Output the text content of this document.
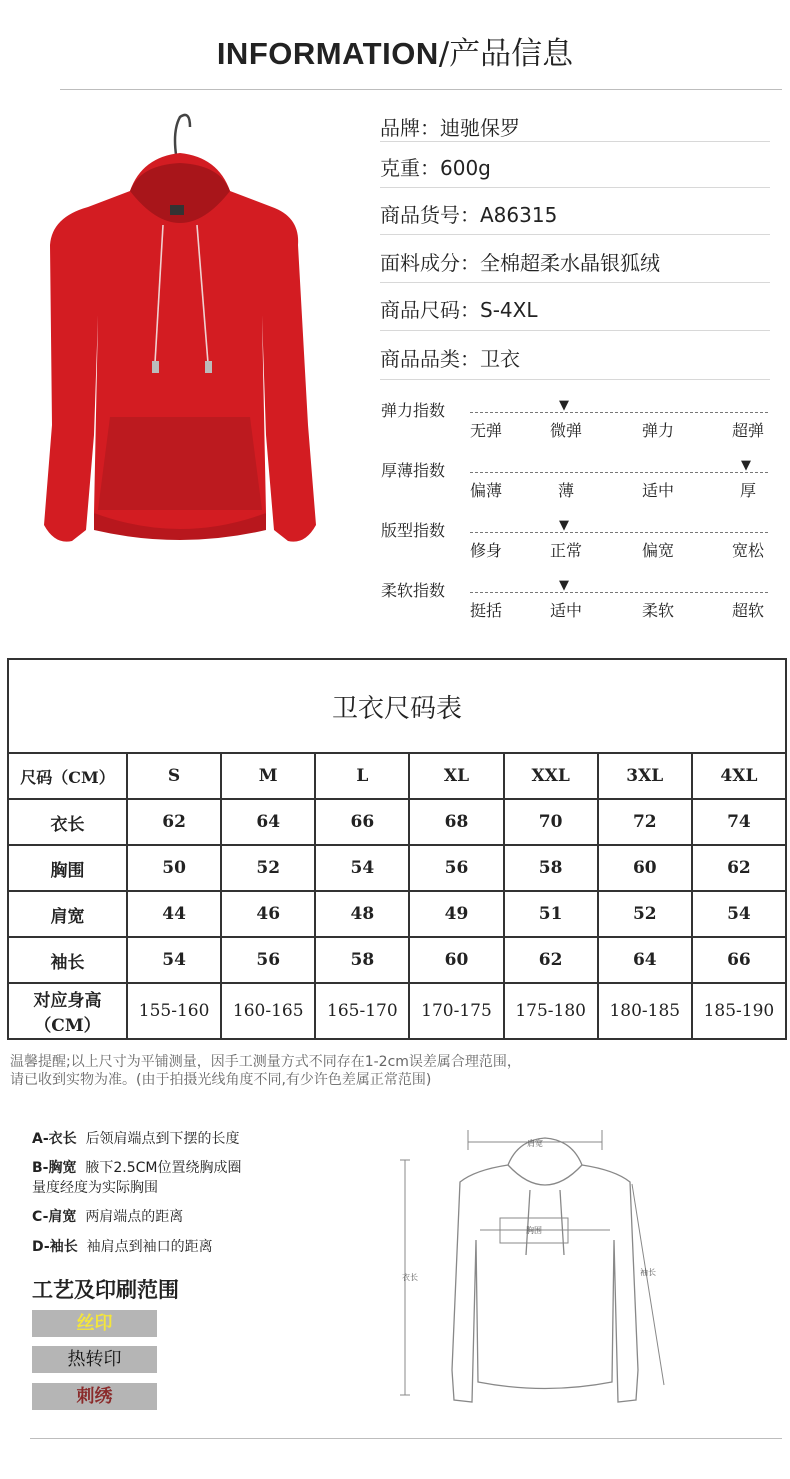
INFORMATION/产品信息
品牌：迪驰保罗
克重：600g
商品货号：A86315
面料成分：全棉超柔水晶银狐绒
商品尺码：S-4XL
商品品类：卫衣
弹力指数
无弹	微弹	弹力	超弹
▼
厚薄指数
偏薄	薄	适中	厚
▼
版型指数
修身	正常	偏宽	宽松
▼
柔软指数
挺括	适中	柔软	超软
▼
卫衣尺码表							
尺码（CM）	S	M	L	XL	XXL	3XL	4XL
衣长	62	64	66	68	70	72	74
胸围	50	52	54	56	58	60	62
肩宽	44	46	48	49	51	52	54
袖长	54	56	58	60	62	64	66

对应身高
（CM）	155-160	160-165	165-170	170-175	175-180	180-185	185-190
温馨提醒;以上尺寸为平铺测量，因手工测量方式不同存在1-2cm误差属合理范围，
请已收到实物为准。(由于拍摄光线角度不同,有少许色差属正常范围)
A-衣长 后领肩端点到下摆的长度
B-胸宽 腋下2.5CM位置绕胸成圈
量度经度为实际胸围
C-肩宽 两肩端点的距离
D-袖长 袖肩点到袖口的距离
工艺及印刷范围
丝印
热转印
刺绣
肩宽
胸围
衣长
袖长
